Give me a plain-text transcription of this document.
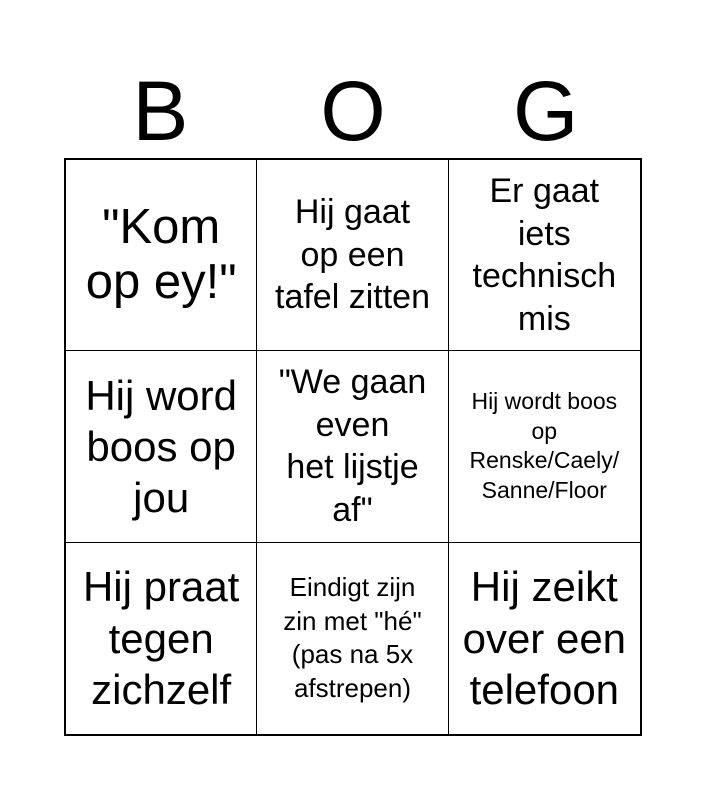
B	O	G
"Kom
op ey!"
Hij gaat
op een
tafel zitten
Er gaat
iets
technisch
mis
Hij word
boos op
jou
"We gaan
even
het lijstje
af"
Hij wordt boos
op
Renske/Caely/
Sanne/Floor
Hij praat
tegen
zichzelf
Eindigt zijn
zin met "hé"
(pas na 5x
afstrepen)
Hij zeikt
over een
telefoon
